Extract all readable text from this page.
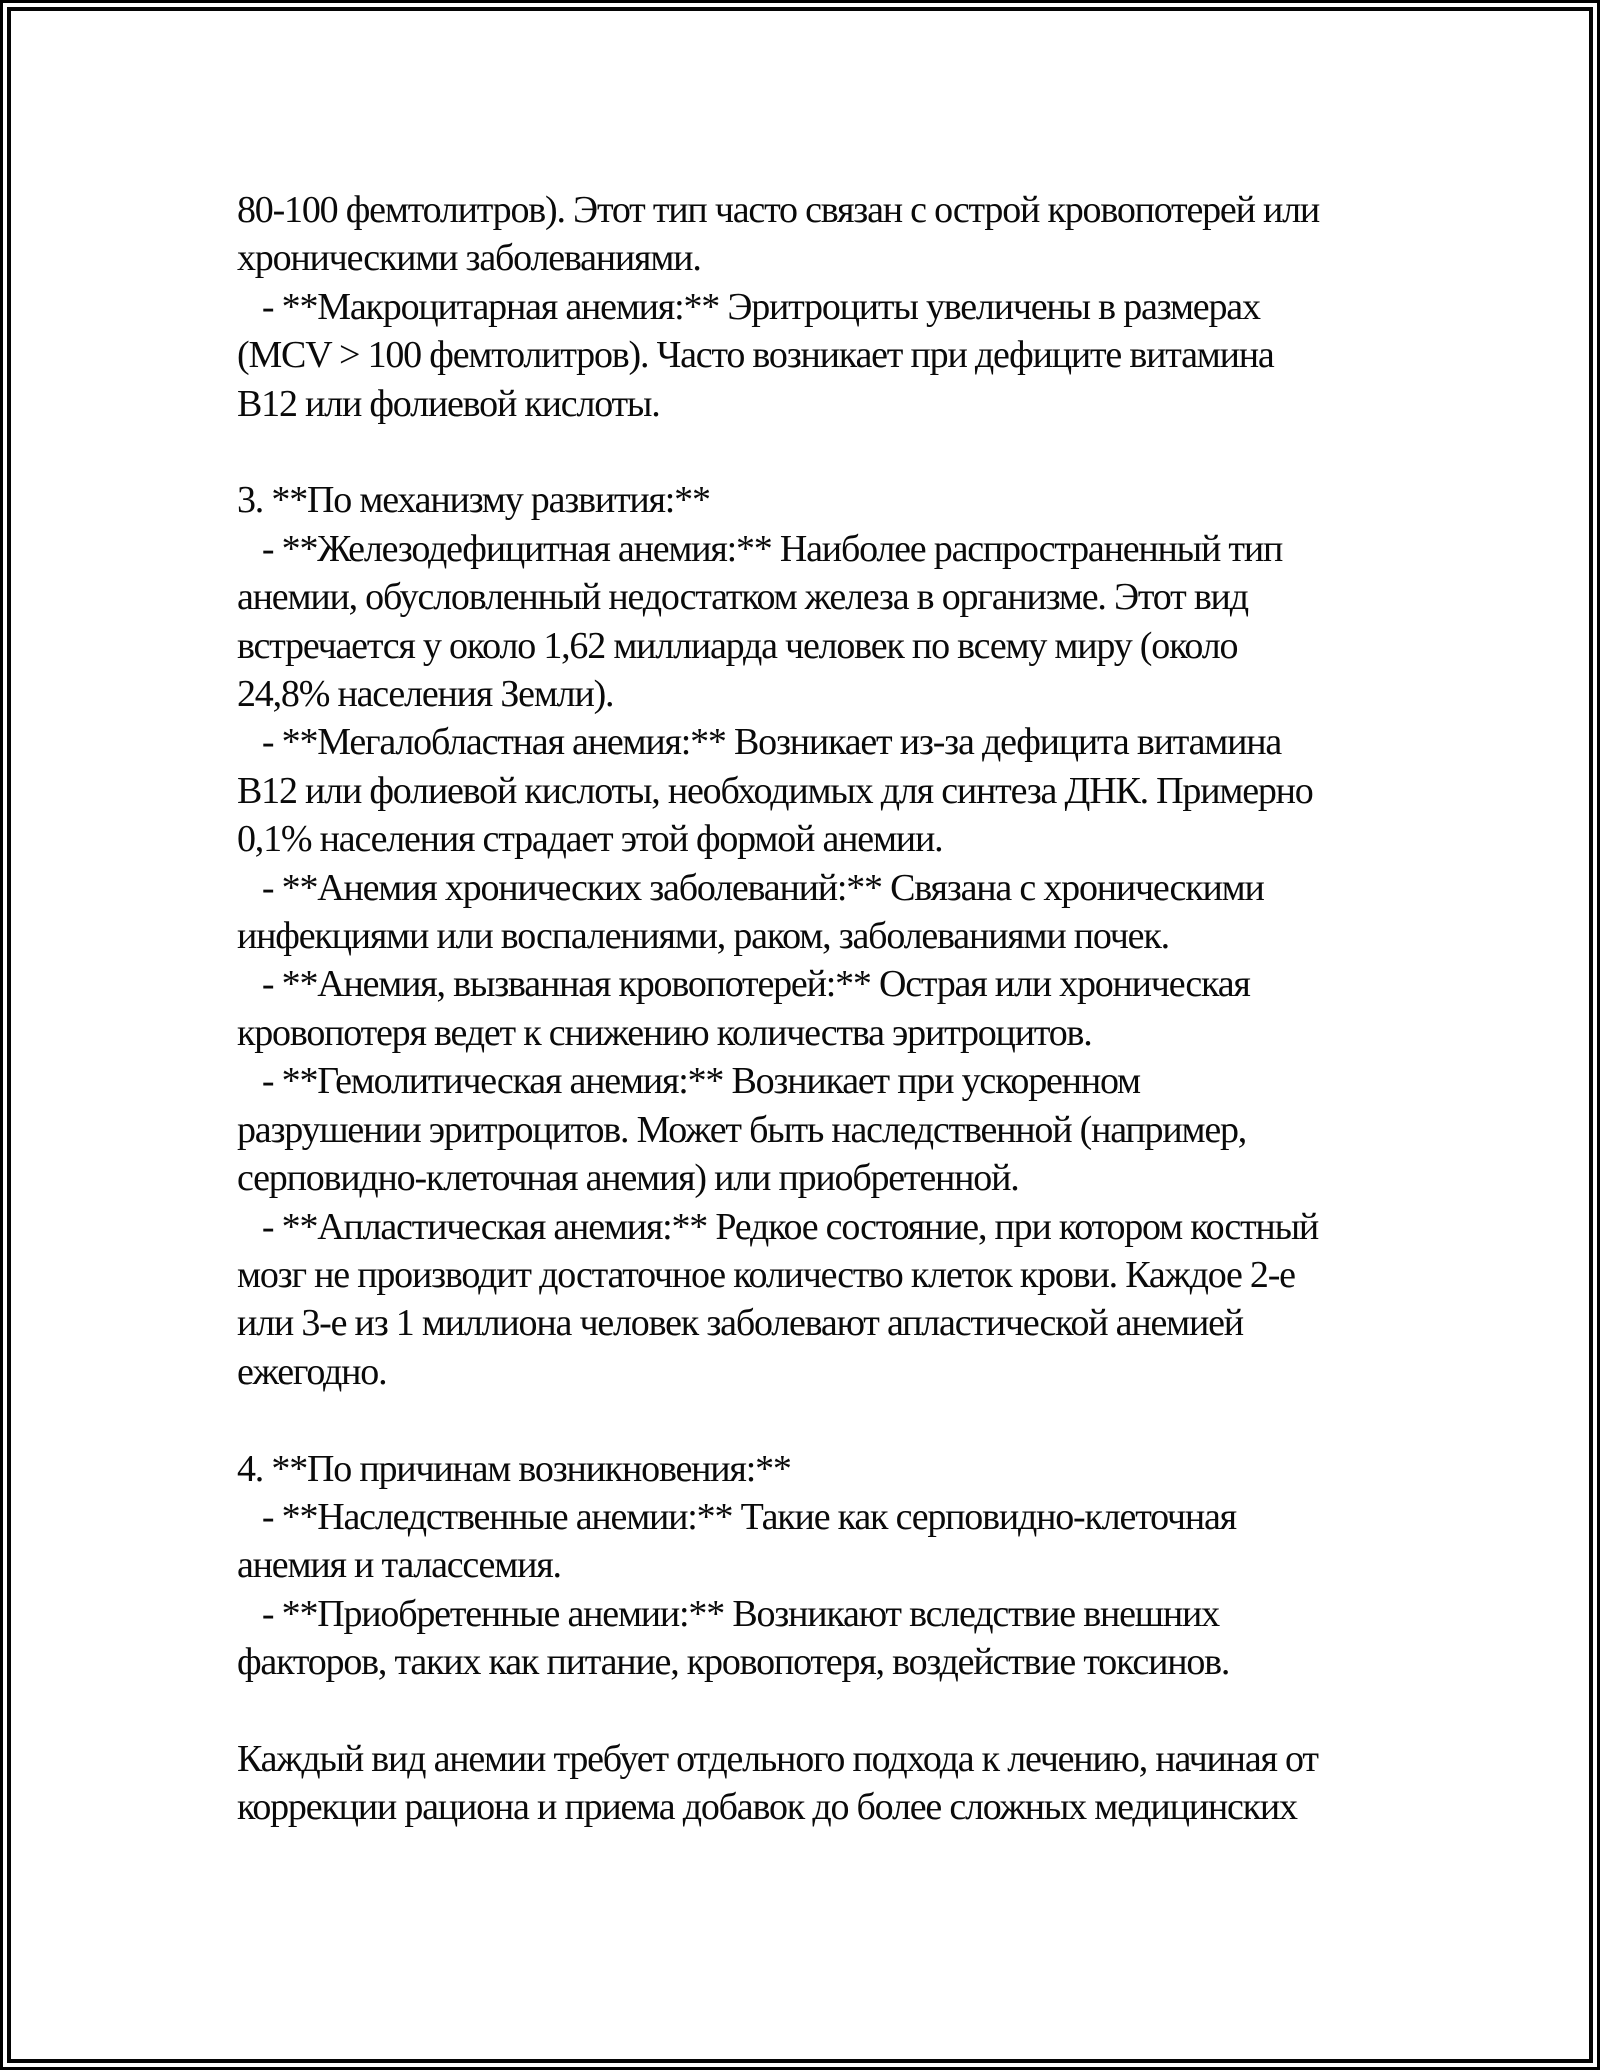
80-100 фемтолитров). Этот тип часто связан с острой кровопотерей или
хроническими заболеваниями.
- **Макроцитарная анемия:** Эритроциты увеличены в размерах
(MCV > 100 фемтолитров). Часто возникает при дефиците витамина
В12 или фолиевой кислоты.
3. **По механизму развития:**
- **Железодефицитная анемия:** Наиболее распространенный тип
анемии, обусловленный недостатком железа в организме. Этот вид
встречается у около 1,62 миллиарда человек по всему миру (около
24,8% населения Земли).
- **Мегалобластная анемия:** Возникает из-за дефицита витамина
В12 или фолиевой кислоты, необходимых для синтеза ДНК. Примерно
0,1% населения страдает этой формой анемии.
- **Анемия хронических заболеваний:** Связана с хроническими
инфекциями или воспалениями, раком, заболеваниями почек.
- **Анемия, вызванная кровопотерей:** Острая или хроническая
кровопотеря ведет к снижению количества эритроцитов.
- **Гемолитическая анемия:** Возникает при ускоренном
разрушении эритроцитов. Может быть наследственной (например,
серповидно-клеточная анемия) или приобретенной.
- **Апластическая анемия:** Редкое состояние, при котором костный
мозг не производит достаточное количество клеток крови. Каждое 2-е
или 3-е из 1 миллиона человек заболевают апластической анемией
ежегодно.
4. **По причинам возникновения:**
- **Наследственные анемии:** Такие как серповидно-клеточная
анемия и талассемия.
- **Приобретенные анемии:** Возникают вследствие внешних
факторов, таких как питание, кровопотеря, воздействие токсинов.
Каждый вид анемии требует отдельного подхода к лечению, начиная от
коррекции рациона и приема добавок до более сложных медицинских
